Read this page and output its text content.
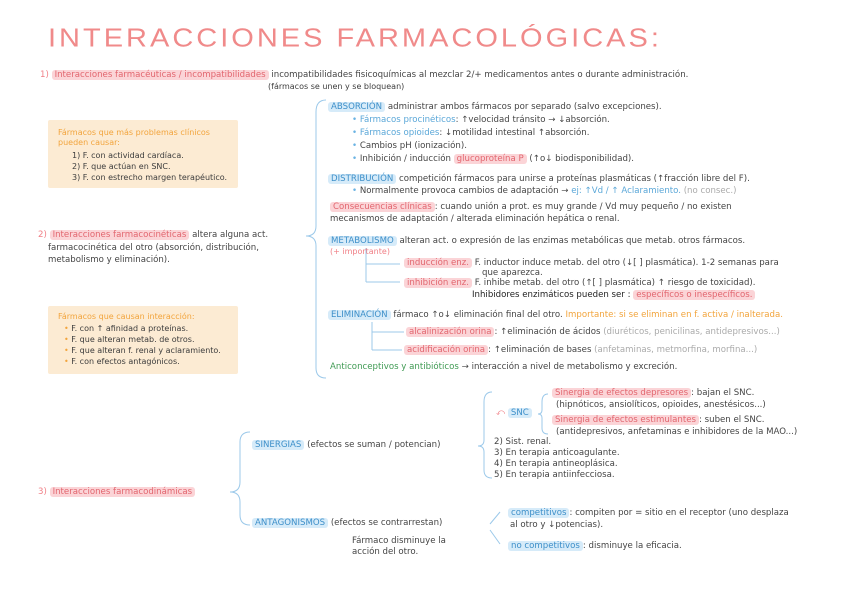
INTERACCIONES FARMACOLÓGICAS:
1) Interacciones farmacéuticas / incompatibilidades incompatibilidades fisicoquímicas al mezclar 2/+ medicamentos antes o durante administración.
(fármacos se unen y se bloquean)
Fármacos que más problemas clínicos
pueden causar:
1) F. con actividad cardíaca.
2) F. que actúan en SNC.
3) F. con estrecho margen terapéutico.
2) Interacciones farmacocinéticas altera alguna act.
farmacocinética del otro (absorción, distribución,
metabolismo y eliminación).
Fármacos que causan interacción:
• F. con ↑ afinidad a proteínas.
• F. que alteran metab. de otros.
• F. que alteran f. renal y aclaramiento.
• F. con efectos antagónicos.
ABSORCIÓN administrar ambos fármacos por separado (salvo excepciones).
• Fármacos procinéticos: ↑velocidad tránsito → ↓absorción.
• Fármacos opioides: ↓motilidad intestinal ↑absorción.
• Cambios pH (ionización).
• Inhibición / inducción glucoproteína P (↑o↓ biodisponibilidad).
DISTRIBUCIÓN competición fármacos para unirse a proteínas plasmáticas (↑fracción libre del F).
• Normalmente provoca cambios de adaptación → ej: ↑Vd / ↑ Aclaramiento. (no consec.)
Consecuencias clínicas : cuando unión a prot. es muy grande / Vd muy pequeño / no existen
mecanismos de adaptación / alterada eliminación hepática o renal.
METABOLISMO alteran act. o expresión de las enzimas metabólicas que metab. otros fármacos.
(+ importante)
inducción enz. F. inductor induce metab. del otro (↓[ ] plasmática). 1-2 semanas para
que aparezca.
inhibición enz. F. inhibe metab. del otro (↑[ ] plasmática) ↑ riesgo de toxicidad).
Inhibidores enzimáticos pueden ser : específicos o inespecíficos.
ELIMINACIÓN fármaco ↑o↓ eliminación final del otro. Importante: si se eliminan en f. activa / inalterada.
alcalinización orina : ↑eliminación de ácidos (diuréticos, penicilinas, antidepresivos...)
acidificación orina : ↑eliminación de bases (anfetaminas, metmorfina, morfina...)
Anticonceptivos y antibióticos → interacción a nivel de metabolismo y excreción.
3) Interacciones farmacodinámicas
SINERGIAS (efectos se suman / potencian)
⤺ SNC
Sinergia de efectos depresores : bajan el SNC.
(hipnóticos, ansiolíticos, opioides, anestésicos...)
Sinergia de efectos estimulantes : suben el SNC.
(antidepresivos, anfetaminas e inhibidores de la MAO...)
2) Sist. renal.
3) En terapia anticoagulante.
4) En terapia antineoplásica.
5) En terapia antiinfecciosa.
ANTAGONISMOS (efectos se contrarrestan)
Fármaco disminuye la
acción del otro.
competitivos : compiten por = sitio en el receptor (uno desplaza
al otro y ↓potencias).
no competitivos : disminuye la eficacia.
